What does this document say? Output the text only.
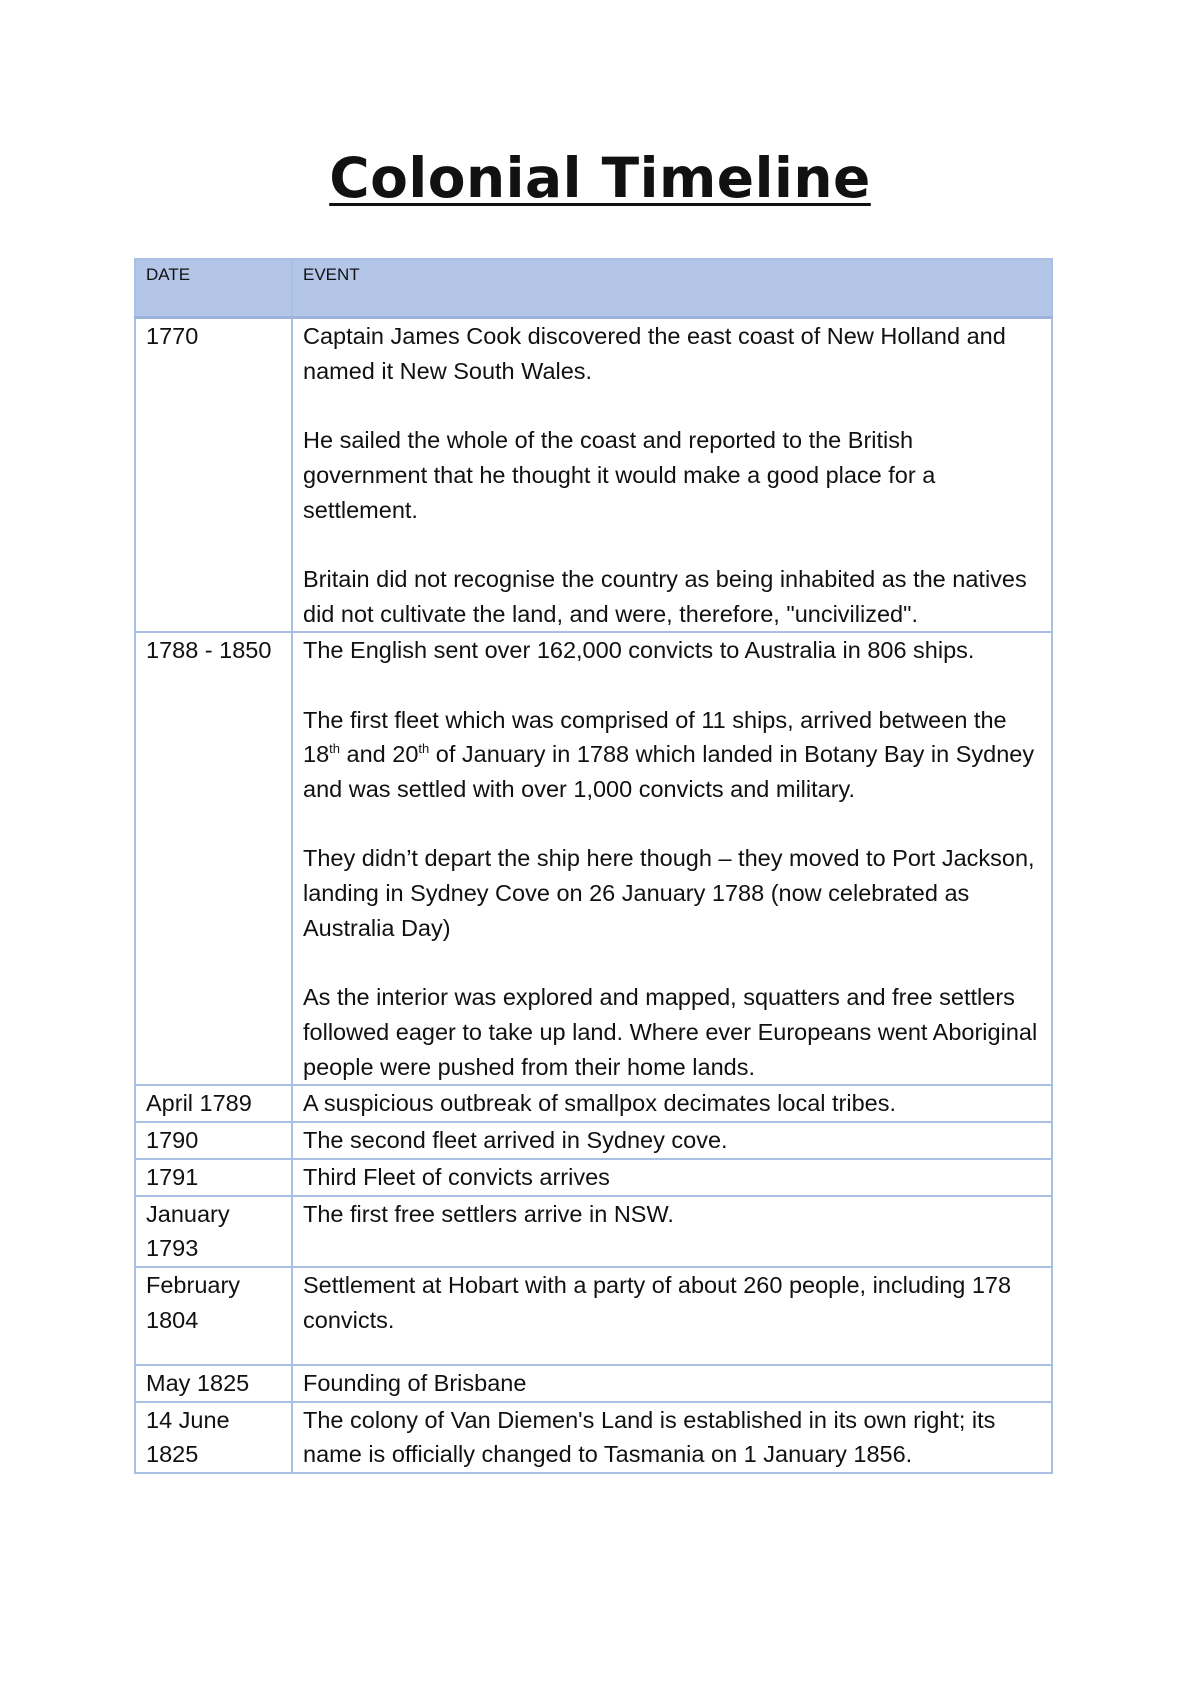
Colonial Timeline
DATE	EVENT
1770	Captain James Cook discovered the east coast of New Holland and named it New South Wales.

He sailed the whole of the coast and reported to the British government that he thought it would make a good place for a settlement.

Britain did not recognise the country as being inhabited as the natives did not cultivate the land, and were, therefore, "uncivilized".

1788 - 1850	The English sent over 162,000 convicts to Australia in 806 ships.

The first fleet which was comprised of 11 ships, arrived between the 18th and 20th of January in 1788 which landed in Botany Bay in Sydney and was settled with over 1,000 convicts and military.

They didn’t depart the ship here though – they moved to Port Jackson, landing in Sydney Cove on 26 January 1788 (now celebrated as Australia Day)

As the interior was explored and mapped, squatters and free settlers followed eager to take up land. Where ever Europeans went Aboriginal people were pushed from their home lands.

April 1789	A suspicious outbreak of smallpox decimates local tribes.

1790	The second fleet arrived in Sydney cove.

1791	Third Fleet of convicts arrives

January 1793	The first free settlers arrive in NSW.

February 1804	Settlement at Hobart with a party of about 260 people, including 178 convicts.

May 1825	Founding of Brisbane

14 June 1825	The colony of Van Diemen's Land is established in its own right; its name is officially changed to Tasmania on 1 January 1856.
